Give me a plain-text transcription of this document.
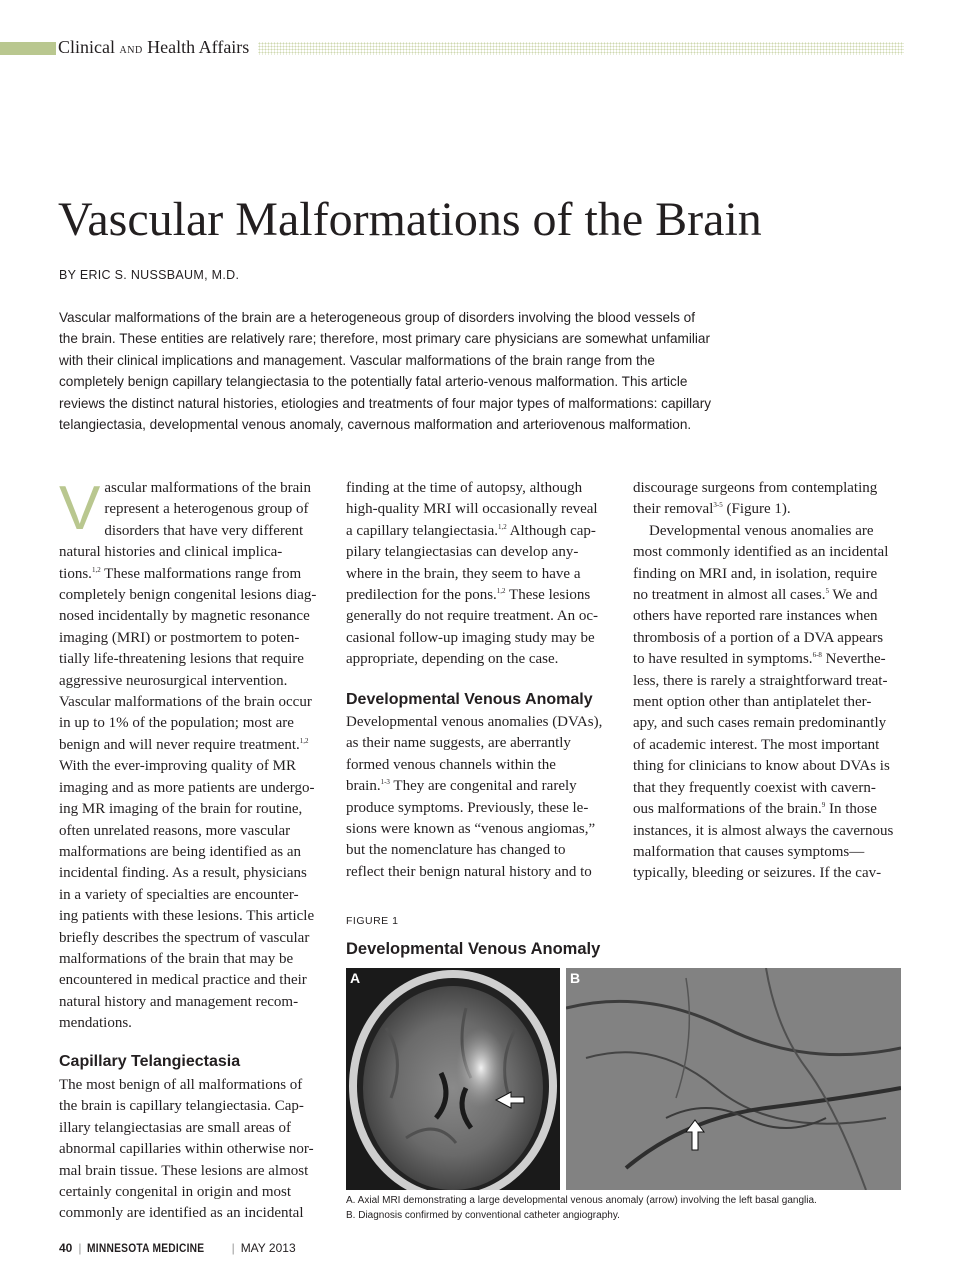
Clinical AND Health Affairs
Vascular Malformations of the Brain
BY ERIC S. NUSSBAUM, M.D.
Vascular malformations of the brain are a heterogeneous group of disorders involving the blood vessels of
the brain. These entities are relatively rare; therefore, most primary care physicians are somewhat unfamiliar
with their clinical implications and management. Vascular malformations of the brain range from the
completely benign capillary telangiectasia to the potentially fatal arterio-venous malformation. This article
reviews the distinct natural histories, etiologies and treatments of four major types of malformations: capillary
telangiectasia, developmental venous anomaly, cavernous malformation and arteriovenous malformation.
V ascular malformations of the brain
represent a heterogenous group of
disorders that have very different
natural histories and clinical implica-
tions.$^{1,2}$ These malformations range from
completely benign congenital lesions diag-
nosed incidentally by magnetic resonance
imaging (MRI) or postmortem to poten-
tially life-threatening lesions that require
aggressive neurosurgical intervention.
Vascular malformations of the brain occur
in up to 1% of the population; most are
benign and will never require treatment.$^{1,2}$
With the ever-improving quality of MR
imaging and as more patients are undergo-
ing MR imaging of the brain for routine,
often unrelated reasons, more vascular
malformations are being identified as an
incidental finding. As a result, physicians
in a variety of specialties are encounter-
ing patients with these lesions. This article
briefly describes the spectrum of vascular
malformations of the brain that may be
encountered in medical practice and their
natural history and management recom-
mendations.
Capillary Telangiectasia
The most benign of all malformations of
the brain is capillary telangiectasia. Cap-
illary telangiectasias are small areas of
abnormal capillaries within otherwise nor-
mal brain tissue. These lesions are almost
certainly congenital in origin and most
commonly are identified as an incidental
finding at the time of autopsy, although
high-quality MRI will occasionally reveal
a capillary telangiectasia.$^{1,2}$ Although cap-
pilary telangiectasias can develop any-
where in the brain, they seem to have a
predilection for the pons.$^{1,2}$ These lesions
generally do not require treatment. An oc-
casional follow-up imaging study may be
appropriate, depending on the case.
Developmental Venous Anomaly
Developmental venous anomalies (DVAs),
as their name suggests, are aberrantly
formed venous channels within the
brain.$^{1-3}$ They are congenital and rarely
produce symptoms. Previously, these le-
sions were known as “venous angiomas,”
but the nomenclature has changed to
reflect their benign natural history and to
discourage surgeons from contemplating
their removal$^{3-5}$ (Figure 1).
Developmental venous anomalies are
most commonly identified as an incidental
finding on MRI and, in isolation, require
no treatment in almost all cases.$^5$ We and
others have reported rare instances when
thrombosis of a portion of a DVA appears
to have resulted in symptoms.$^{6-8}$ Neverthe-
less, there is rarely a straightforward treat-
ment option other than antiplatelet ther-
apy, and such cases remain predominantly
of academic interest. The most important
thing for clinicians to know about DVAs is
that they frequently coexist with cavern-
ous malformations of the brain.$^9$ In those
instances, it is almost always the cavernous
malformation that causes symptoms—
typically, bleeding or seizures. If the cav-
FIGURE 1
Developmental Venous Anomaly
A	B
A. Axial MRI demonstrating a large developmental venous anomaly (arrow) involving the left basal ganglia.
B. Diagnosis confirmed by conventional catheter angiography.
40 | MINNESOTA MEDICINE | MAY 2013
